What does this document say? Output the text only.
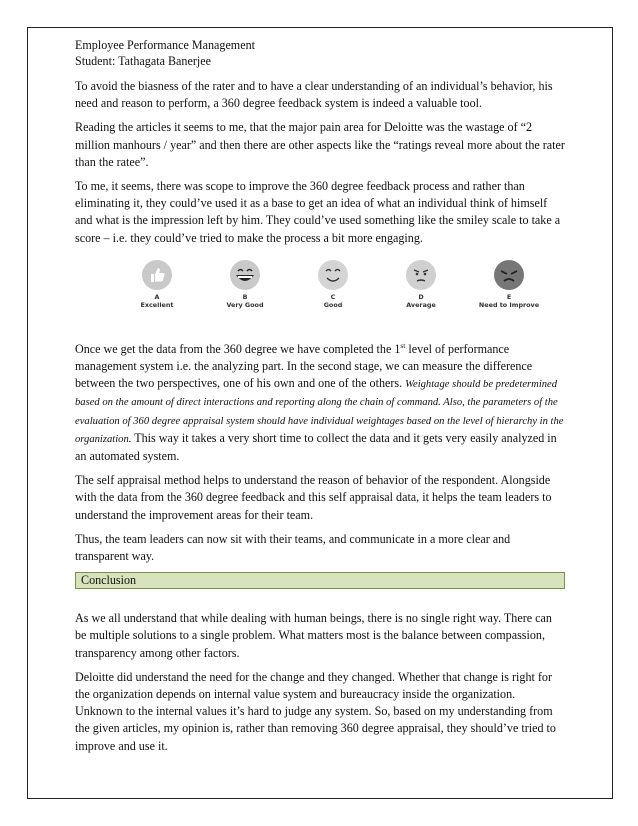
Employee Performance Management
Student: Tathagata Banerjee

To avoid the biasness of the rater and to have a clear understanding of an individual’s behavior, his need and reason to perform, a 360 degree feedback system is indeed a valuable tool.

Reading the articles it seems to me, that the major pain area for Deloitte was the wastage of “2 million manhours / year” and then there are other aspects like the “ratings reveal more about the rater than the ratee”.

To me, it seems, there was scope to improve the 360 degree feedback process and rather than eliminating it, they could’ve used it as a base to get an idea of what an individual think of himself and what is the impression left by him. They could’ve used something like the smiley scale to take a score – i.e. they could’ve tried to make the process a bit more engaging.

A
Excellent
B
Very Good
C
Good
D
Average
E
Need to Improve

Once we get the data from the 360 degree we have completed the 1st level of performance management system i.e. the analyzing part. In the second stage, we can measure the difference between the two perspectives, one of his own and one of the others. Weightage should be predetermined based on the amount of direct interactions and reporting along the chain of command. Also, the parameters of the evaluation of 360 degree appraisal system should have individual weightages based on the level of hierarchy in the organization. This way it takes a very short time to collect the data and it gets very easily analyzed in an automated system.

The self appraisal method helps to understand the reason of behavior of the respondent. Alongside with the data from the 360 degree feedback and this self appraisal data, it helps the team leaders to understand the improvement areas for their team.

Thus, the team leaders can now sit with their teams, and communicate in a more clear and transparent way.

Conclusion

As we all understand that while dealing with human beings, there is no single right way. There can be multiple solutions to a single problem. What matters most is the balance between compassion, transparency among other factors.

Deloitte did understand the need for the change and they changed. Whether that change is right for the organization depends on internal value system and bureaucracy inside the organization. Unknown to the internal values it’s hard to judge any system. So, based on my understanding from the given articles, my opinion is, rather than removing 360 degree appraisal, they should’ve tried to improve and use it.
